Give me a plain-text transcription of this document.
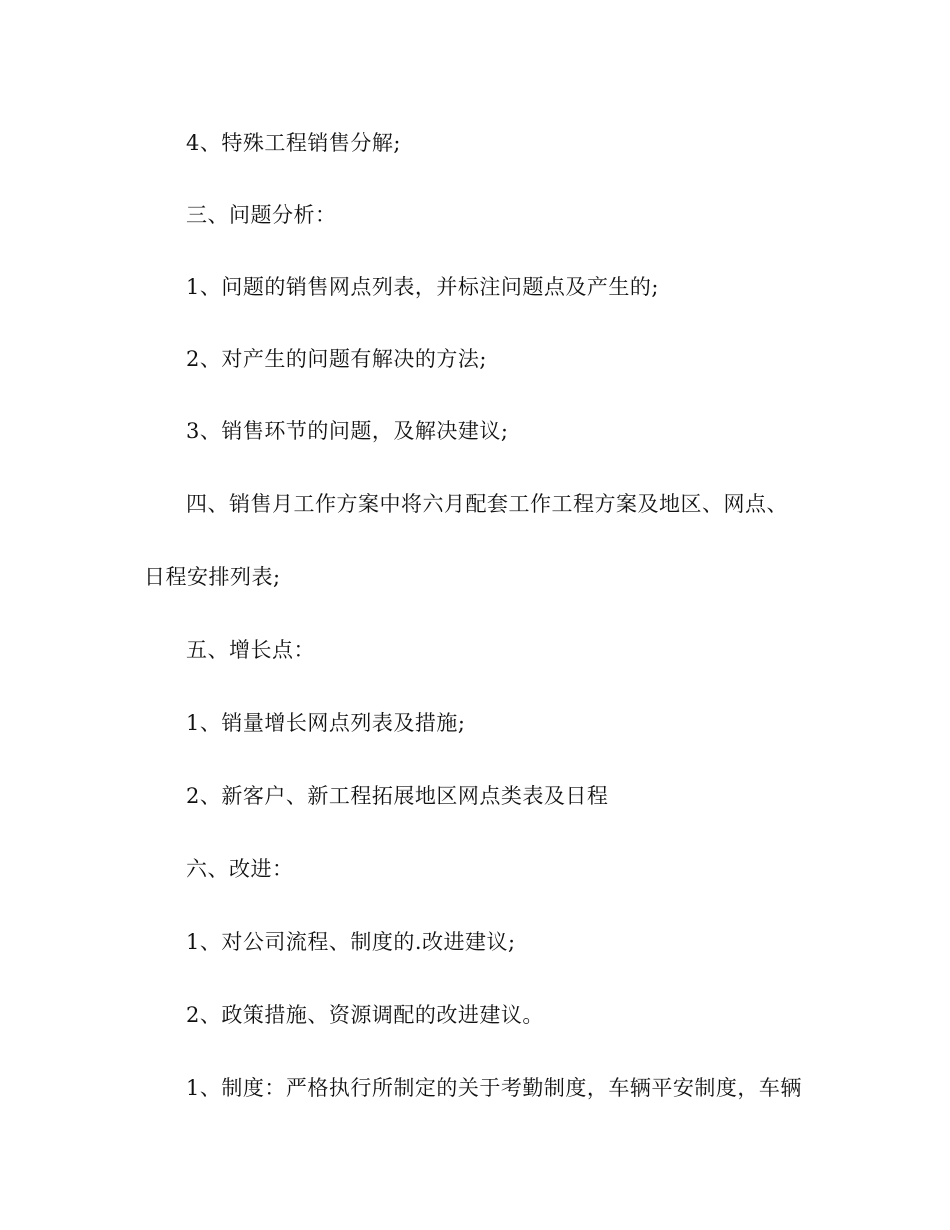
4、特殊工程销售分解;

三、问题分析：

1、问题的销售网点列表，并标注问题点及产生的;

2、对产生的问题有解决的方法;

3、销售环节的问题，及解决建议;

四、销售月工作方案中将六月配套工作工程方案及地区、网点、

日程安排列表;

五、增长点：

1、销量增长网点列表及措施;

2、新客户、新工程拓展地区网点类表及日程

六、改进：

1、对公司流程、制度的.改进建议;

2、政策措施、资源调配的改进建议。

1、制度：严格执行所制定的关于考勤制度，车辆平安制度，车辆
